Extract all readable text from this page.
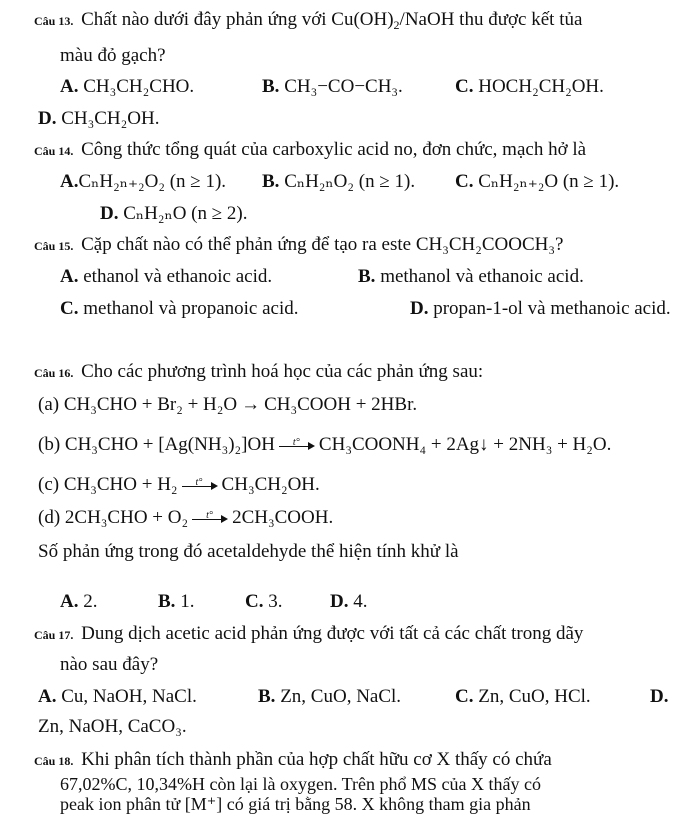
Câu 13. Chất nào dưới đây phản ứng với $Cu(OH)_2$/NaOH thu được kết tủa
màu đỏ gạch?
A. CH₃CH₂CHO.	B. CH₃−CO−CH₃.	C. HOCH₂CH₂OH.
D. CH₃CH₂OH.
Câu 14. Công thức tổng quát của carboxylic acid no, đơn chức, mạch hở là
A.CₙH₂ₙ₊₂O₂ (n ≥ 1). B. CₙH₂ₙO₂ (n ≥ 1). C. CₙH₂ₙ₊₂O (n ≥ 1).
D. CₙH₂ₙO (n ≥ 2).
Câu 15. Cặp chất nào có thể phản ứng để tạo ra este CH₃CH₂COOCH₃?
A. ethanol và ethanoic acid.	B. methanol và ethanoic acid.
C. methanol và propanoic acid.	D. propan-1-ol và methanoic acid.
Câu 16. Cho các phương trình hoá học của các phản ứng sau:
(a) CH₃CHO + Br₂ + H₂O → CH₃COOH + 2HBr.
(b) CH₃CHO + [Ag(NH₃)₂]OH t° CH₃COONH₄ + 2Ag↓ + 2NH₃ + H₂O.
(c) CH₃CHO + H₂ t° CH₃CH₂OH.
(d) 2CH₃CHO + O₂ t° 2CH₃COOH.
Số phản ứng trong đó acetaldehyde thể hiện tính khử là
A. 2.	B. 1.	C. 3.	D. 4.
Câu 17. Dung dịch acetic acid phản ứng được với tất cả các chất trong dãy
nào sau đây?
A. Cu, NaOH, NaCl.	B. Zn, CuO, NaCl.	C. Zn, CuO, HCl.	D.
Zn, NaOH, CaCO₃.
Câu 18. Khi phân tích thành phần của hợp chất hữu cơ X thấy có chứa
67,02%C, 10,34%H còn lại là oxygen. Trên phổ MS của X thấy có
peak ion phân tử [M⁺] có giá trị bằng 58. X không tham gia phản
